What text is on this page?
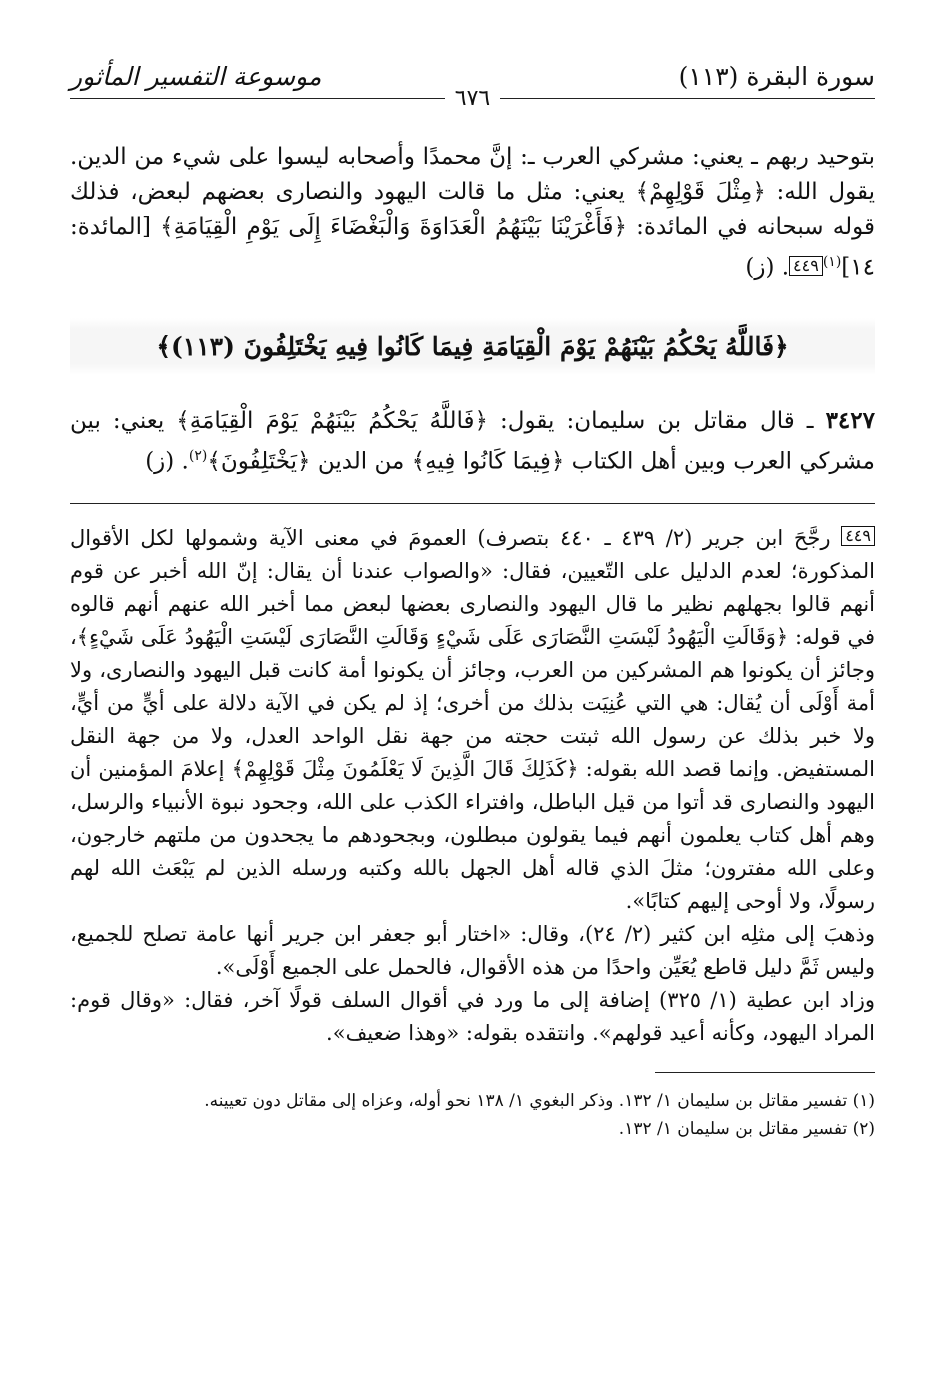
سورة البقرة (١١٣)
موسوعة التفسير المأثور
٦٧٦

بتوحيد ربهم ـ يعني: مشركي العرب ـ: إنَّ محمدًا وأصحابه ليسوا على شيء من الدين. يقول الله: ﴿مِثْلَ قَوْلِهِمْ﴾ يعني: مثل ما قالت اليهود والنصارى بعضهم لبعض، فذلك قوله سبحانه في المائدة: ﴿فَأَغْرَيْنَا بَيْنَهُمُ الْعَدَاوَةَ وَالْبَغْضَاءَ إِلَى يَوْمِ الْقِيَامَةِ﴾ [المائدة: ١٤]$^{(١)}$٤٤٩. (ز)

﴿فَاللَّهُ يَحْكُمُ بَيْنَهُمْ يَوْمَ الْقِيَامَةِ فِيمَا كَانُوا فِيهِ يَخْتَلِفُونَ (١١٣)﴾

٣٤٢٧ ـ قال مقاتل بن سليمان: يقول: ﴿فَاللَّهُ يَحْكُمُ بَيْنَهُمْ يَوْمَ الْقِيَامَةِ﴾ يعني: بين مشركي العرب وبين أهل الكتاب ﴿فِيمَا كَانُوا فِيهِ﴾ من الدين ﴿يَخْتَلِفُونَ﴾$^{(٢)}$. (ز)

٤٤٩ رجَّحَ ابن جرير (٢/ ٤٣٩ ـ ٤٤٠ بتصرف) العمومَ في معنى الآية وشمولها لكل الأقوال المذكورة؛ لعدم الدليل على التّعيين، فقال: «والصواب عندنا أن يقال: إنّ الله أخبر عن قوم أنهم قالوا بجهلهم نظير ما قال اليهود والنصارى بعضها لبعض مما أخبر الله عنهم أنهم قالوه في قوله: ﴿وَقَالَتِ الْيَهُودُ لَيْسَتِ النَّصَارَى عَلَى شَيْءٍ وَقَالَتِ النَّصَارَى لَيْسَتِ الْيَهُودُ عَلَى شَيْءٍ﴾، وجائز أن يكونوا هم المشركين من العرب، وجائز أن يكونوا أمة كانت قبل اليهود والنصارى، ولا أمة أَوْلَى أن يُقال: هي التي عُنِيَت بذلك من أخرى؛ إذ لم يكن في الآية دلالة على أيٍّ من أيٍّ، ولا خبر بذلك عن رسول الله ثبتت حجته من جهة نقل الواحد العدل، ولا من جهة النقل المستفيض. وإنما قصد الله بقوله: ﴿كَذَلِكَ قَالَ الَّذِينَ لَا يَعْلَمُونَ مِثْلَ قَوْلِهِمْ﴾ إعلامَ المؤمنين أن اليهود والنصارى قد أتوا من قيل الباطل، وافتراء الكذب على الله، وجحود نبوة الأنبياء والرسل، وهم أهل كتاب يعلمون أنهم فيما يقولون مبطلون، وبجحودهم ما يجحدون من ملتهم خارجون، وعلى الله مفترون؛ مثلَ الذي قاله أهل الجهل بالله وكتبه ورسله الذين لم يَبْعَث الله لهم رسولًا، ولا أوحى إليهم كتابًا».

وذهبَ إلى مثلِه ابن كثير (٢/ ٢٤)، وقال: «اختار أبو جعفر ابن جرير أنها عامة تصلح للجميع، وليس ثَمَّ دليل قاطع يُعَيِّن واحدًا من هذه الأقوال، فالحمل على الجميع أَوْلَى».

وزاد ابن عطية (١/ ٣٢٥) إضافة إلى ما ورد في أقوال السلف قولًا آخر، فقال: «وقال قوم: المراد اليهود، وكأنه أعيد قولهم». وانتقده بقوله: «وهذا ضعيف».

(١) تفسير مقاتل بن سليمان ١/ ١٣٢. وذكر البغوي ١/ ١٣٨ نحو أوله، وعزاه إلى مقاتل دون تعيينه.
(٢) تفسير مقاتل بن سليمان ١/ ١٣٢.
